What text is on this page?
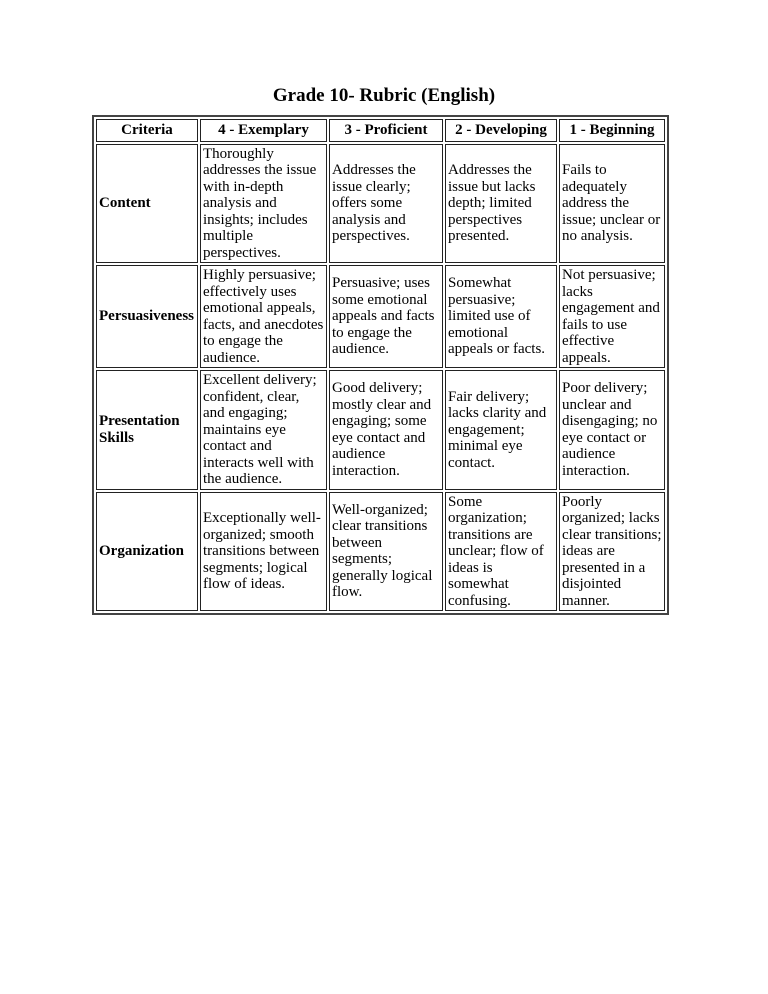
Grade 10- Rubric (English)
Criteria	4 - Exemplary	3 - Proficient	2 - Developing	1 - Beginning
Content	Thoroughly addresses the issue with in-depth analysis and insights; includes multiple perspectives.	Addresses the issue clearly; offers some analysis and perspectives.	Addresses the issue but lacks depth; limited perspectives presented.	Fails to adequately address the issue; unclear or no analysis.
Persuasiveness	Highly persuasive; effectively uses emotional appeals, facts, and anecdotes to engage the audience.	Persuasive; uses some emotional appeals and facts to engage the audience.	Somewhat persuasive; limited use of emotional appeals or facts.	Not persuasive; lacks engagement and fails to use effective appeals.
Presentation Skills	Excellent delivery; confident, clear, and engaging; maintains eye contact and interacts well with the audience.	Good delivery; mostly clear and engaging; some eye contact and audience interaction.	Fair delivery; lacks clarity and engagement; minimal eye contact.	Poor delivery; unclear and disengaging; no eye contact or audience interaction.
Organization	Exceptionally well-organized; smooth transitions between segments; logical flow of ideas.	Well-organized; clear transitions between segments; generally logical flow.	Some organization; transitions are unclear; flow of ideas is somewhat confusing.	Poorly organized; lacks clear transitions; ideas are presented in a disjointed manner.
